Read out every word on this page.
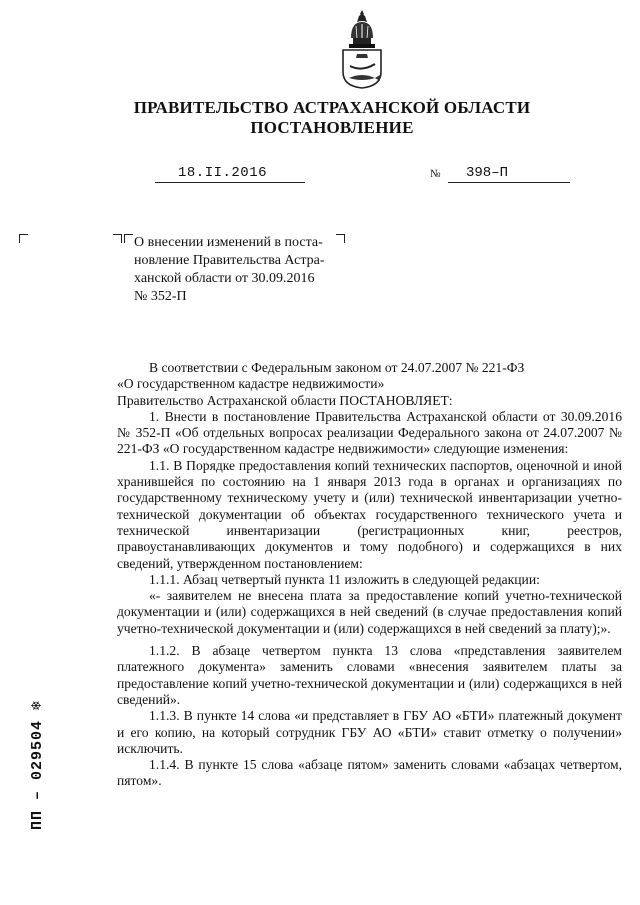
ПРАВИТЕЛЬСТВО АСТРАХАНСКОЙ ОБЛАСТИ
ПОСТАНОВЛЕНИЕ
18.II.2016	№ 398–П
О внесении изменений в поста-
новление Правительства Астра-
ханской области от 30.09.2016
№ 352-П

В соответствии с Федеральным законом от 24.07.2007 № 221-ФЗ

«О государственном кадастре недвижимости»

Правительство Астраханской области ПОСТАНОВЛЯЕТ:

1. Внести в постановление Правительства Астраханской области от 30.09.2016 № 352-П «Об отдельных вопросах реализации Федерального закона от 24.07.2007 № 221-ФЗ «О государственном кадастре недвижимости» следующие изменения:

1.1. В Порядке предоставления копий технических паспортов, оценочной и иной хранившейся по состоянию на 1 января 2013 года в органах и организациях по государственному техническому учету и (или) технической инвентаризации учетно-технической документации об объектах государственного технического учета и технической инвентаризации (регистрационных книг, реестров, правоустанавливающих документов и тому подобного) и содержащихся в них сведений, утвержденном постановлением:

1.1.1. Абзац четвертый пункта 11 изложить в следующей редакции:

«- заявителем не внесена плата за предоставление копий учетно-технической документации и (или) содержащихся в ней сведений (в случае предоставления копий учетно-технической документации и (или) содержащихся в ней сведений за плату);».

1.1.2. В абзаце четвертом пункта 13 слова «представления заявителем платежного документа» заменить словами «внесения заявителем платы за предоставление копий учетно-технической документации и (или) содержащихся в ней сведений».

1.1.3. В пункте 14 слова «и представляет в ГБУ АО «БТИ» платежный документ и его копию, на который сотрудник ГБУ АО «БТИ» ставит отметку о получении» исключить.

1.1.4. В пункте 15 слова «абзаце пятом» заменить словами «абзацах четвертом, пятом».

ПП – 029504 ❄
